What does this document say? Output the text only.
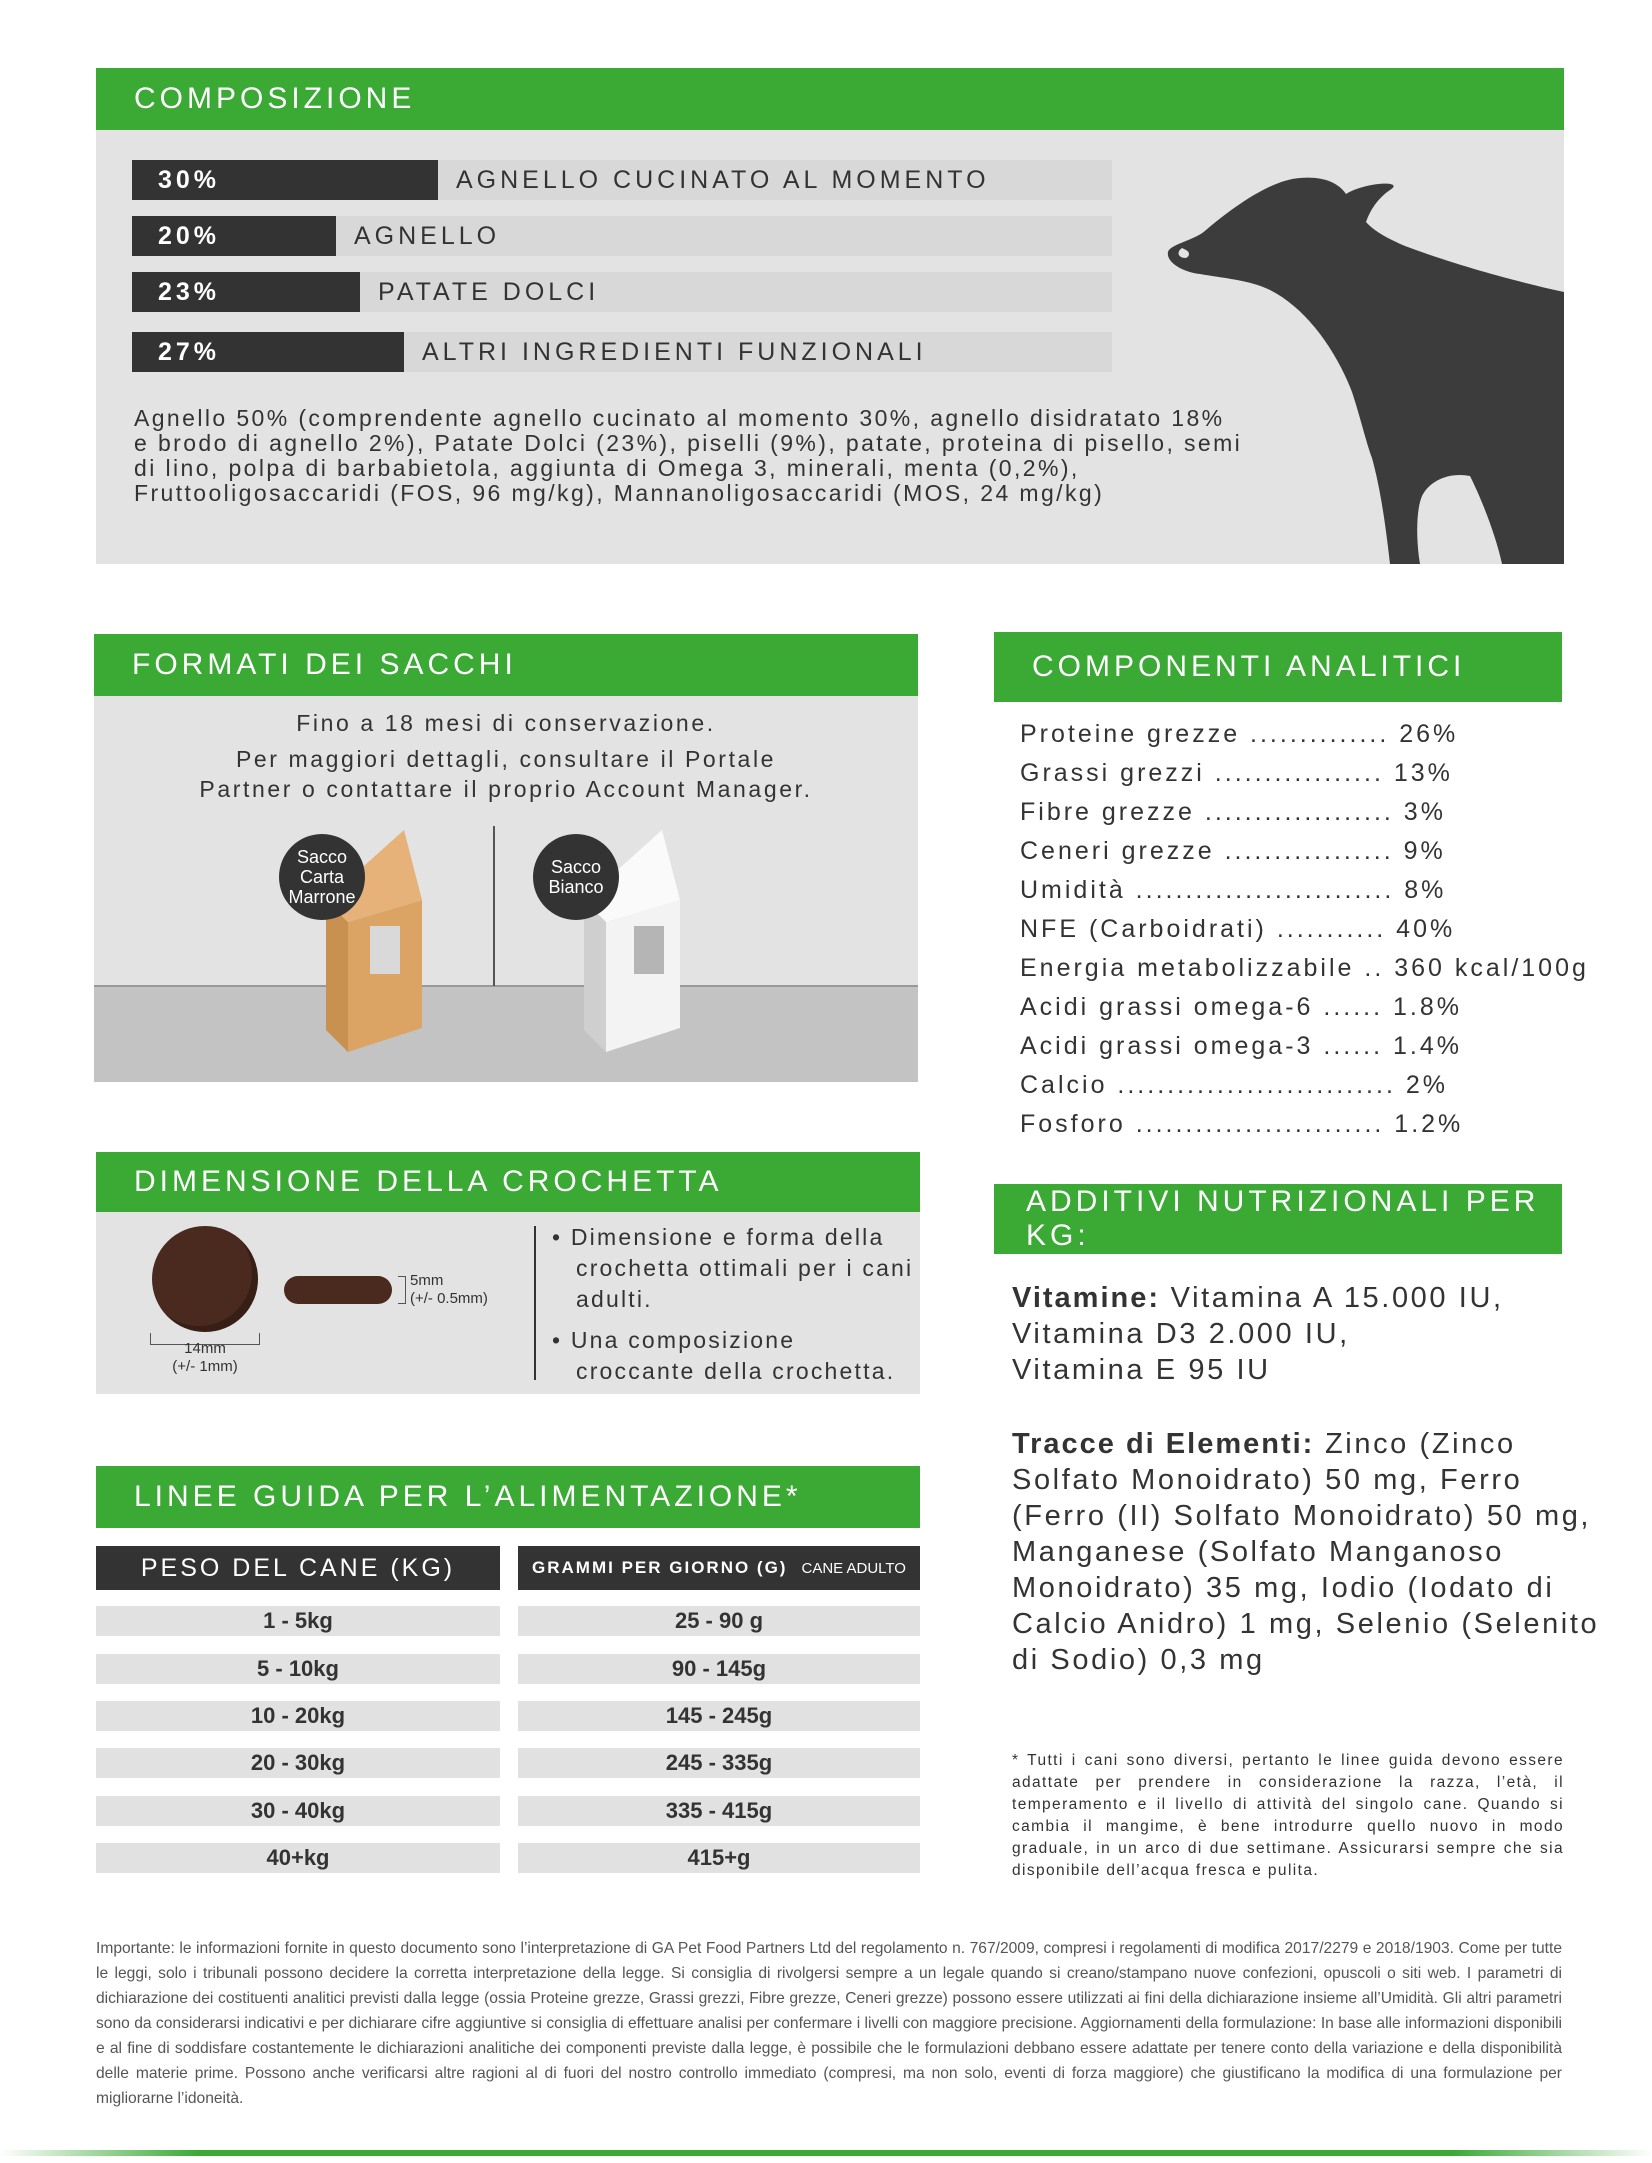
COMPOSIZIONE
30%	AGNELLO CUCINATO AL MOMENTO
20%	AGNELLO
23%	PATATE DOLCI
27%	ALTRI INGREDIENTI FUNZIONALI
Agnello 50% (comprendente agnello cucinato al momento 30%, agnello disidratato 18%
e brodo di agnello 2%), Patate Dolci (23%), piselli (9%), patate, proteina di pisello, semi
di lino, polpa di barbabietola, aggiunta di Omega 3, minerali, menta (0,2%),
Fruttooligosaccaridi (FOS, 96 mg/kg), Mannanoligosaccaridi (MOS, 24 mg/kg)
FORMATI DEI SACCHI
Fino a 18 mesi di conservazione.
Per maggiori dettagli, consultare il Portale
Partner o contattare il proprio Account Manager.
Sacco
Carta
Marrone
Sacco
Bianco
COMPONENTI ANALITICI
Proteine grezze .............. 26%
Grassi grezzi ................. 13%
Fibre grezze ................... 3%
Ceneri grezze ................. 9%
Umidità .......................... 8%
NFE (Carboidrati) ........... 40%
Energia metabolizzabile .. 360 kcal/100g
Acidi grassi omega-6 ...... 1.8%
Acidi grassi omega-3 ...... 1.4%
Calcio ............................ 2%
Fosforo ......................... 1.2%
DIMENSIONE DELLA CROCHETTA
14mm
(+/- 1mm)
5mm
(+/- 0.5mm)
• Dimensione e forma della
crochetta ottimali per i cani
adulti.
• Una composizione
croccante della crochetta.
ADDITIVI NUTRIZIONALI PER KG:
Vitamine: Vitamina A 15.000 IU,
Vitamina D3 2.000 IU,
Vitamina E 95 IU
Tracce di Elementi: Zinco (Zinco
Solfato Monoidrato) 50 mg, Ferro
(Ferro (II) Solfato Monoidrato) 50 mg,
Manganese (Solfato Manganoso
Monoidrato) 35 mg, Iodio (Iodato di
Calcio Anidro) 1 mg, Selenio (Selenito
di Sodio) 0,3 mg
LINEE GUIDA PER L’ALIMENTAZIONE*
PESO DEL CANE (KG)	GRAMMI PER GIORNO (G) CANE ADULTO
1 - 5kg	25 - 90 g
5 - 10kg	90 - 145g
10 - 20kg	145 - 245g
20 - 30kg	245 - 335g
30 - 40kg	335 - 415g
40+kg	415+g
* Tutti i cani sono diversi, pertanto le linee guida devono essere adattate per prendere in considerazione la razza, l’età, il temperamento e il livello di attività del singolo cane. Quando si cambia il mangime, è bene introdurre quello nuovo in modo graduale, in un arco di due settimane. Assicurarsi sempre che sia disponibile dell’acqua fresca e pulita.
Importante: le informazioni fornite in questo documento sono l’interpretazione di GA Pet Food Partners Ltd del regolamento n. 767/2009, compresi i regolamenti di modifica 2017/2279 e 2018/1903. Come per tutte le leggi, solo i tribunali possono decidere la corretta interpretazione della legge. Si consiglia di rivolgersi sempre a un legale quando si creano/stampano nuove confezioni, opuscoli o siti web. I parametri di dichiarazione dei costituenti analitici previsti dalla legge (ossia Proteine grezze, Grassi grezzi, Fibre grezze, Ceneri grezze) possono essere utilizzati ai fini della dichiarazione insieme all’Umidità. Gli altri parametri sono da considerarsi indicativi e per dichiarare cifre aggiuntive si consiglia di effettuare analisi per confermare i livelli con maggiore precisione. Aggiornamenti della formulazione: In base alle informazioni disponibili e al fine di soddisfare costantemente le dichiarazioni analitiche dei componenti previste dalla legge, è possibile che le formulazioni debbano essere adattate per tenere conto della variazione e della disponibilità delle materie prime. Possono anche verificarsi altre ragioni al di fuori del nostro controllo immediato (compresi, ma non solo, eventi di forza maggiore) che giustificano la modifica di una formulazione per migliorarne l’idoneità.
